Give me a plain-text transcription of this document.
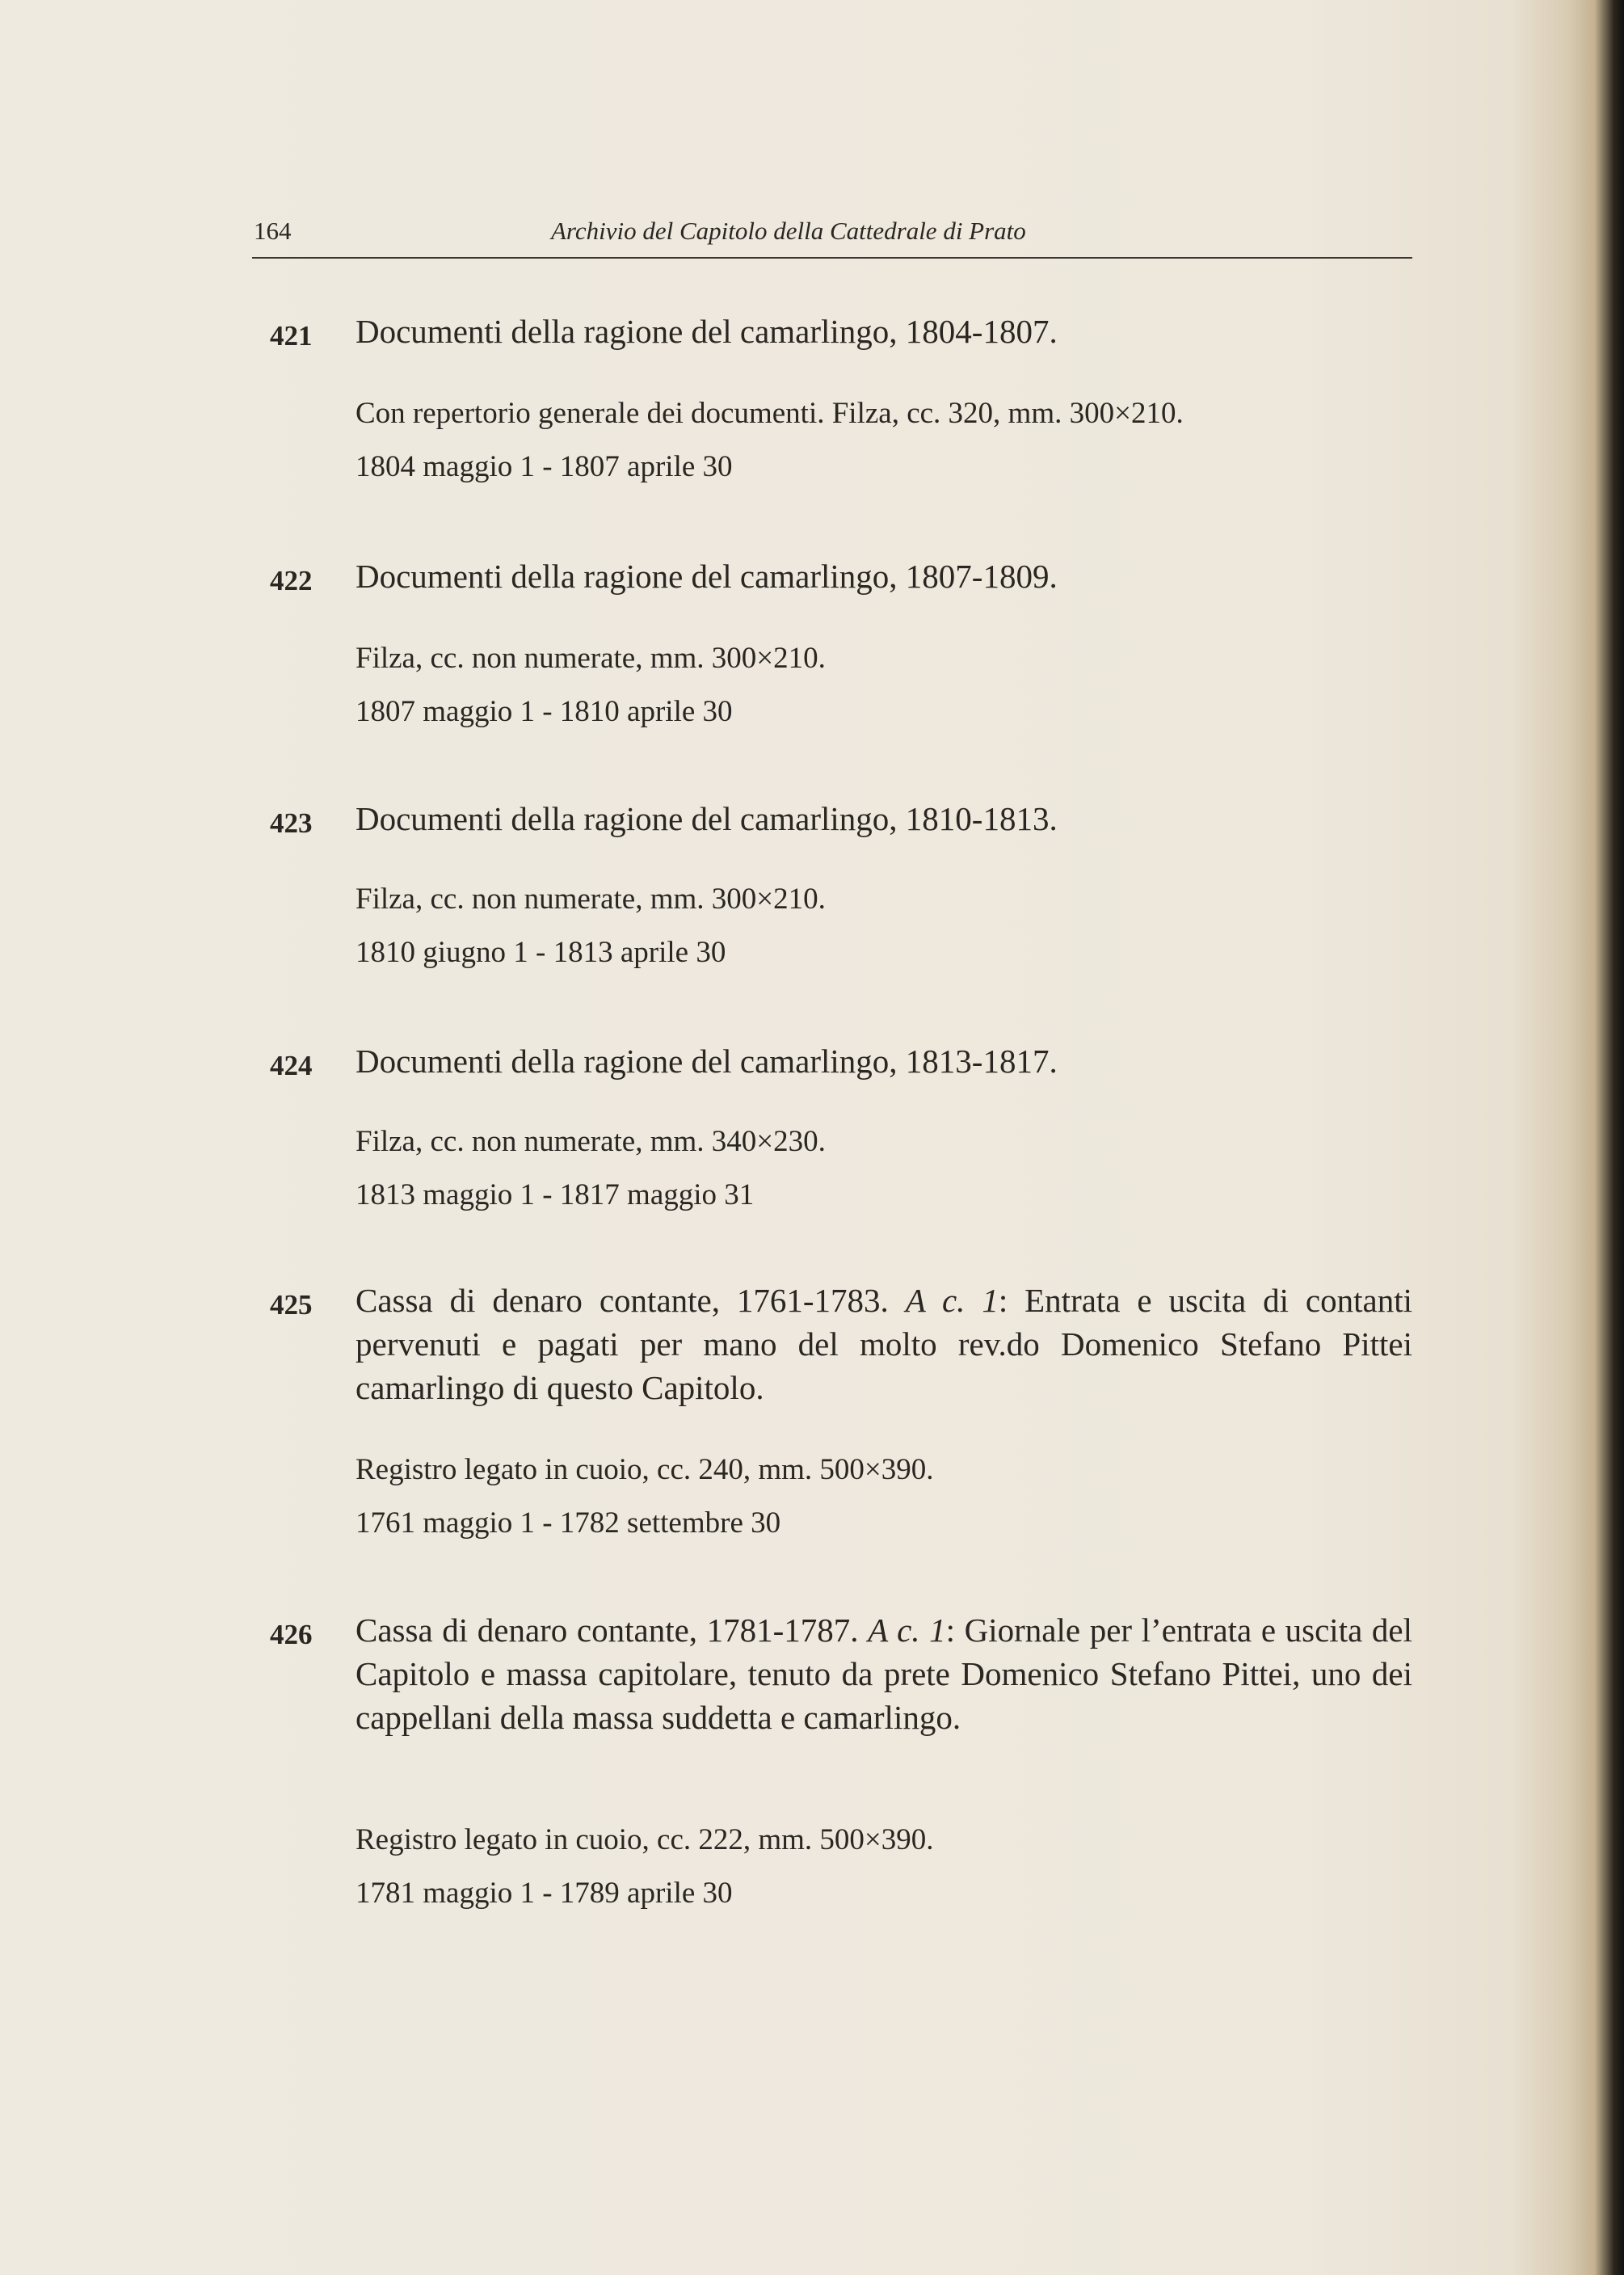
164	Archivio del Capitolo della Cattedrale di Prato
421 Documenti della ragione del camarlingo, 1804-1807.
Con repertorio generale dei documenti. Filza, cc. 320, mm. 300×210.
1804 maggio 1 - 1807 aprile 30
422 Documenti della ragione del camarlingo, 1807-1809.
Filza, cc. non numerate, mm. 300×210.
1807 maggio 1 - 1810 aprile 30
423 Documenti della ragione del camarlingo, 1810-1813.
Filza, cc. non numerate, mm. 300×210.
1810 giugno 1 - 1813 aprile 30
424 Documenti della ragione del camarlingo, 1813-1817.
Filza, cc. non numerate, mm. 340×230.
1813 maggio 1 - 1817 maggio 31
425 Cassa di denaro contante, 1761-1783. A c. 1: Entrata e uscita di contanti pervenuti e pagati per mano del molto rev.do Domenico Stefano Pittei camarlingo di questo Capitolo.
Registro legato in cuoio, cc. 240, mm. 500×390.
1761 maggio 1 - 1782 settembre 30
426 Cassa di denaro contante, 1781-1787. A c. 1: Giornale per l’entrata e uscita del Capitolo e massa capitolare, tenuto da prete Domenico Stefano Pittei, uno dei cappellani della massa suddetta e camarlingo.
Registro legato in cuoio, cc. 222, mm. 500×390.
1781 maggio 1 - 1789 aprile 30
